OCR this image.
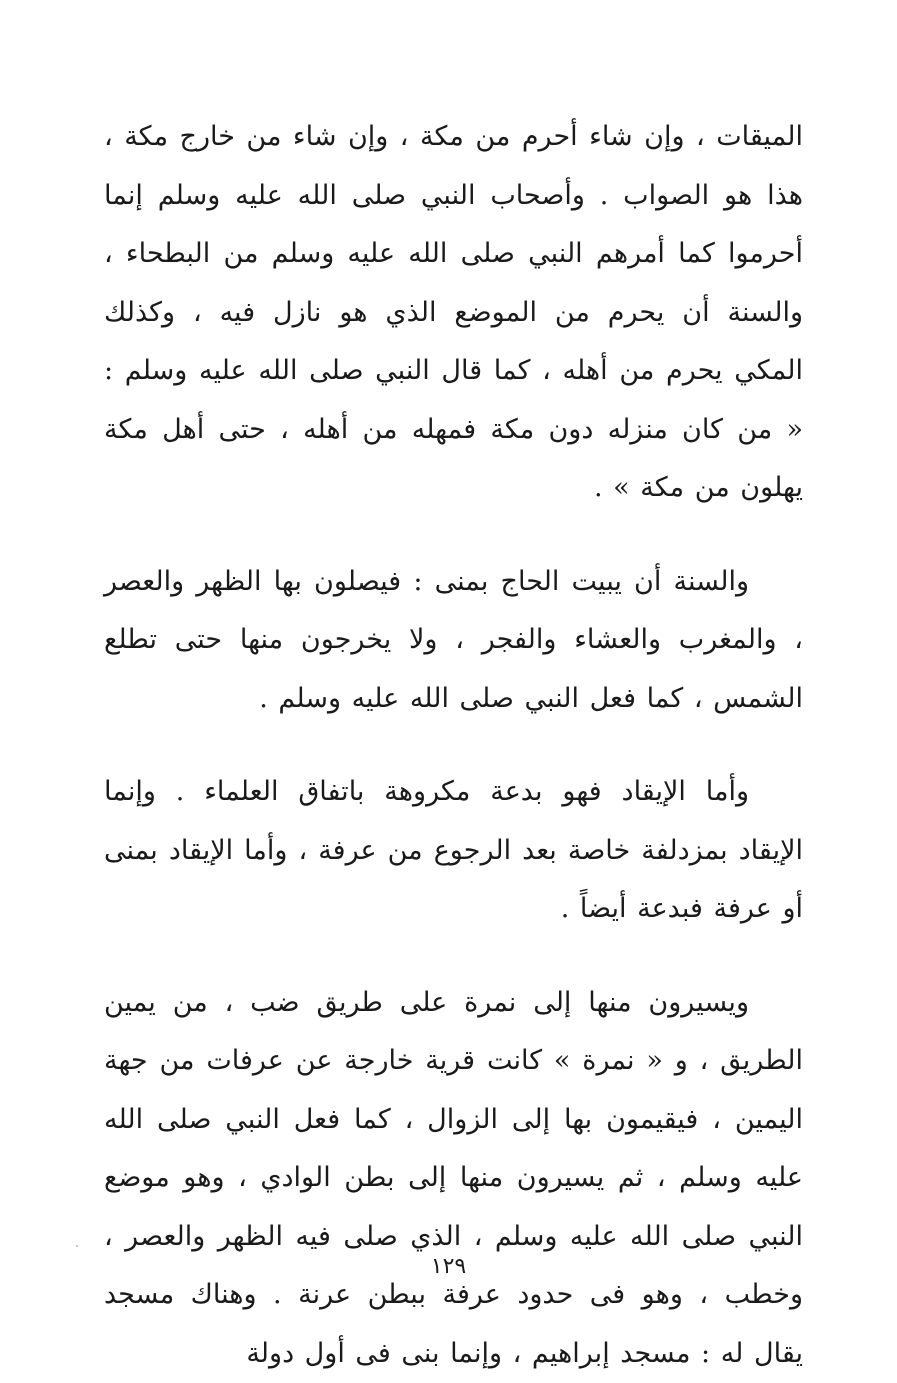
الميقات ، وإن شاء أحرم من مكة ، وإن شاء من خارج مكة ، هذا هو الصواب . وأصحاب النبي صلى الله عليه وسلم إنما أحرموا كما أمرهم النبي صلى الله عليه وسلم من البطحاء ، والسنة أن يحرم من الموضع الذي هو نازل فيه ، وكذلك المكي يحرم من أهله ، كما قال النبي صلى الله عليه وسلم : « من كان منزله دون مكة فمهله من أهله ، حتى أهل مكة يهلون من مكة » .

والسنة أن يبيت الحاج بمنى : فيصلون بها الظهر والعصر ، والمغرب والعشاء والفجر ، ولا يخرجون منها حتى تطلع الشمس ، كما فعل النبي صلى الله عليه وسلم .

وأما الإيقاد فهو بدعة مكروهة باتفاق العلماء . وإنما الإيقاد بمزدلفة خاصة بعد الرجوع من عرفة ، وأما الإيقاد بمنى أو عرفة فبدعة أيضاً .

ويسيرون منها إلى نمرة على طريق ضب ، من يمين الطريق ، و « نمرة » كانت قرية خارجة عن عرفات من جهة اليمين ، فيقيمون بها إلى الزوال ، كما فعل النبي صلى الله عليه وسلم ، ثم يسيرون منها إلى بطن الوادي ، وهو موضع النبي صلى الله عليه وسلم ، الذي صلى فيه الظهر والعصر ، وخطب ، وهو فى حدود عرفة ببطن عرنة . وهناك مسجد يقال له : مسجد إبراهيم ، وإنما بنى فى أول دولة

١٢٩
